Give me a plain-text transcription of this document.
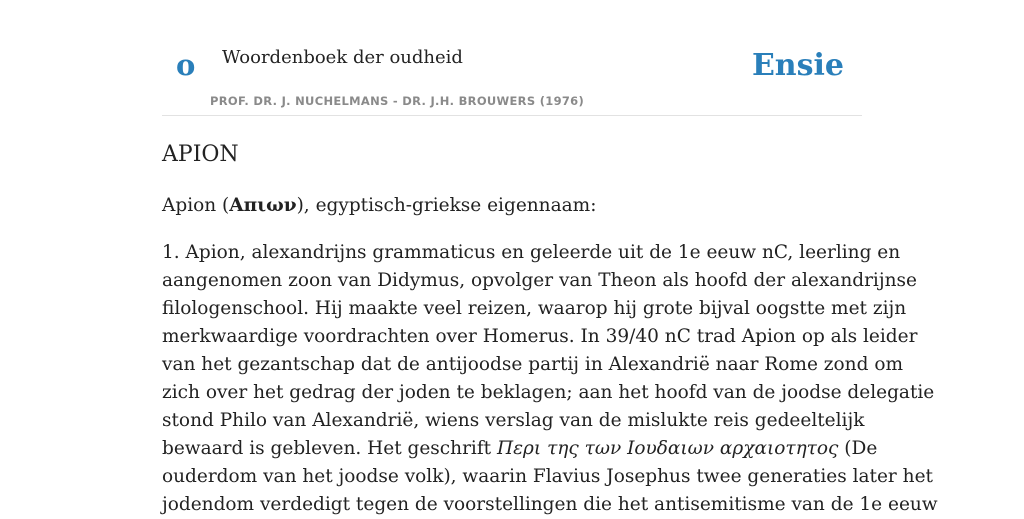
o Woordenboek der oudheid
PROF. DR. J. NUCHELMANS - DR. J.H. BROUWERS (1976)
Ensie
APION

Apion (Απιων), egyptisch-griekse eigennaam:

1. Apion, alexandrijns grammaticus en geleerde uit de 1e eeuw nC, leerling en
aangenomen zoon van Didymus, opvolger van Theon als hoofd der alexandrijnse
filologenschool. Hij maakte veel reizen, waarop hij grote bijval oogstte met zijn
merkwaardige voordrachten over Homerus. In 39/40 nC trad Apion op als leider
van het gezantschap dat de antijoodse partij in Alexandrië naar Rome zond om
zich over het gedrag der joden te beklagen; aan het hoofd van de joodse delegatie
stond Philo van Alexandrië, wiens verslag van de mislukte reis gedeeltelijk
bewaard is gebleven. Het geschrift Περι της των Ιουδαιων αρχαιοτητος (De
ouderdom van het joodse volk), waarin Flavius Josephus twee generaties later het
jodendom verdedigt tegen de voorstellingen die het antisemitisme van de 1e eeuw
